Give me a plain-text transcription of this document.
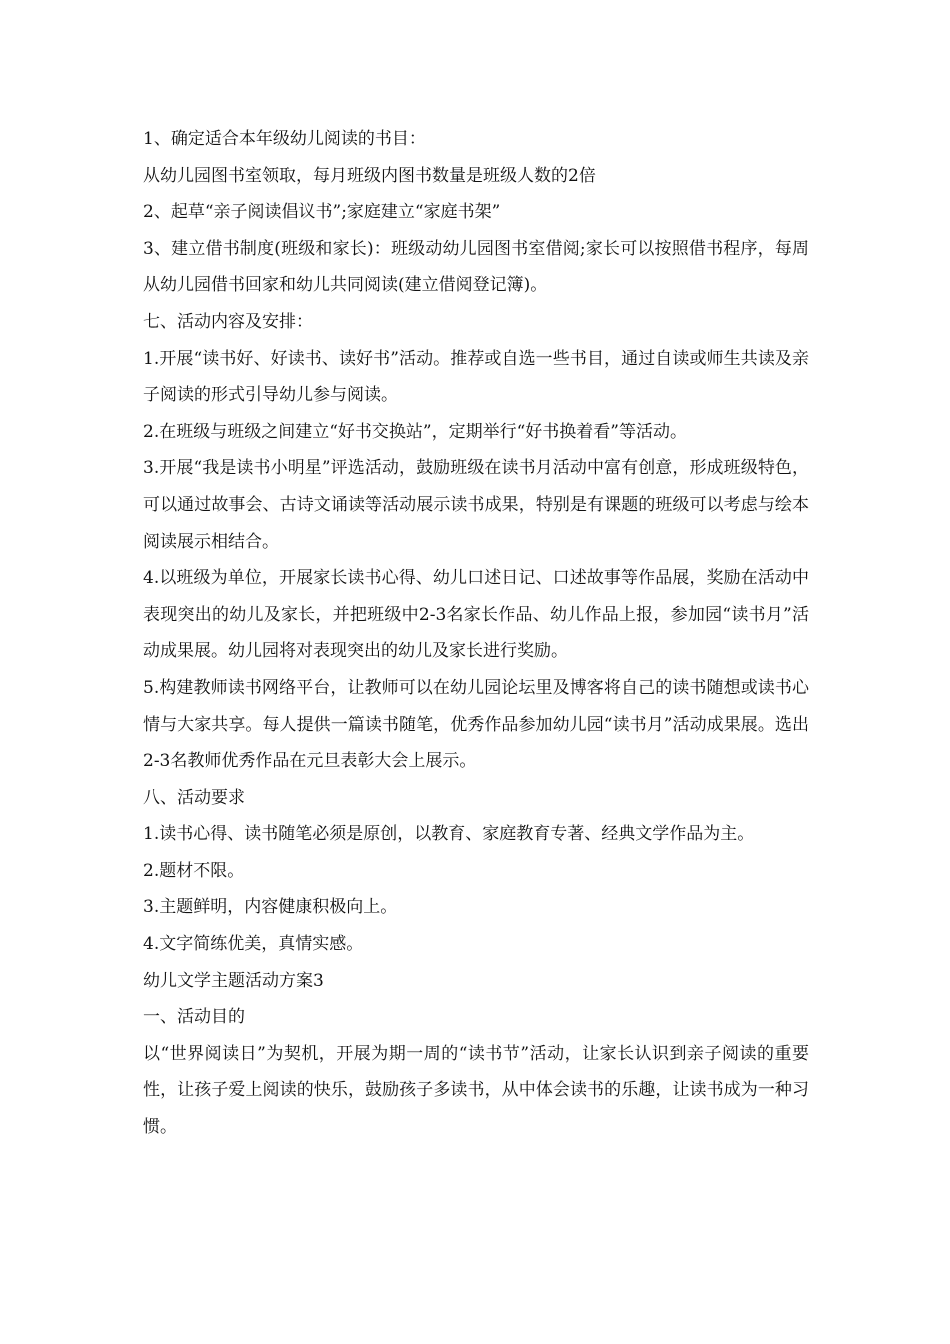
1、确定适合本年级幼儿阅读的书目：

从幼儿园图书室领取，每月班级内图书数量是班级人数的2倍

2、起草“亲子阅读倡议书”;家庭建立“家庭书架”

3、建立借书制度(班级和家长)：班级动幼儿园图书室借阅;家长可以按照借书程序，每周从幼儿园借书回家和幼儿共同阅读(建立借阅登记簿)。

七、活动内容及安排：

1.开展“读书好、好读书、读好书”活动。推荐或自选一些书目，通过自读或师生共读及亲子阅读的形式引导幼儿参与阅读。

2.在班级与班级之间建立“好书交换站”，定期举行“好书换着看”等活动。

3.开展“我是读书小明星”评选活动，鼓励班级在读书月活动中富有创意，形成班级特色，可以通过故事会、古诗文诵读等活动展示读书成果，特别是有课题的班级可以考虑与绘本阅读展示相结合。

4.以班级为单位，开展家长读书心得、幼儿口述日记、口述故事等作品展，奖励在活动中表现突出的幼儿及家长，并把班级中2-3名家长作品、幼儿作品上报，参加园“读书月”活动成果展。幼儿园将对表现突出的幼儿及家长进行奖励。

5.构建教师读书网络平台，让教师可以在幼儿园论坛里及博客将自己的读书随想或读书心情与大家共享。每人提供一篇读书随笔，优秀作品参加幼儿园“读书月”活动成果展。选出2-3名教师优秀作品在元旦表彰大会上展示。

八、活动要求

1.读书心得、读书随笔必须是原创，以教育、家庭教育专著、经典文学作品为主。

2.题材不限。

3.主题鲜明，内容健康积极向上。

4.文字简练优美，真情实感。

幼儿文学主题活动方案3

一、活动目的

以“世界阅读日”为契机，开展为期一周的“读书节”活动，让家长认识到亲子阅读的重要性，让孩子爱上阅读的快乐，鼓励孩子多读书，从中体会读书的乐趣，让读书成为一种习惯。
